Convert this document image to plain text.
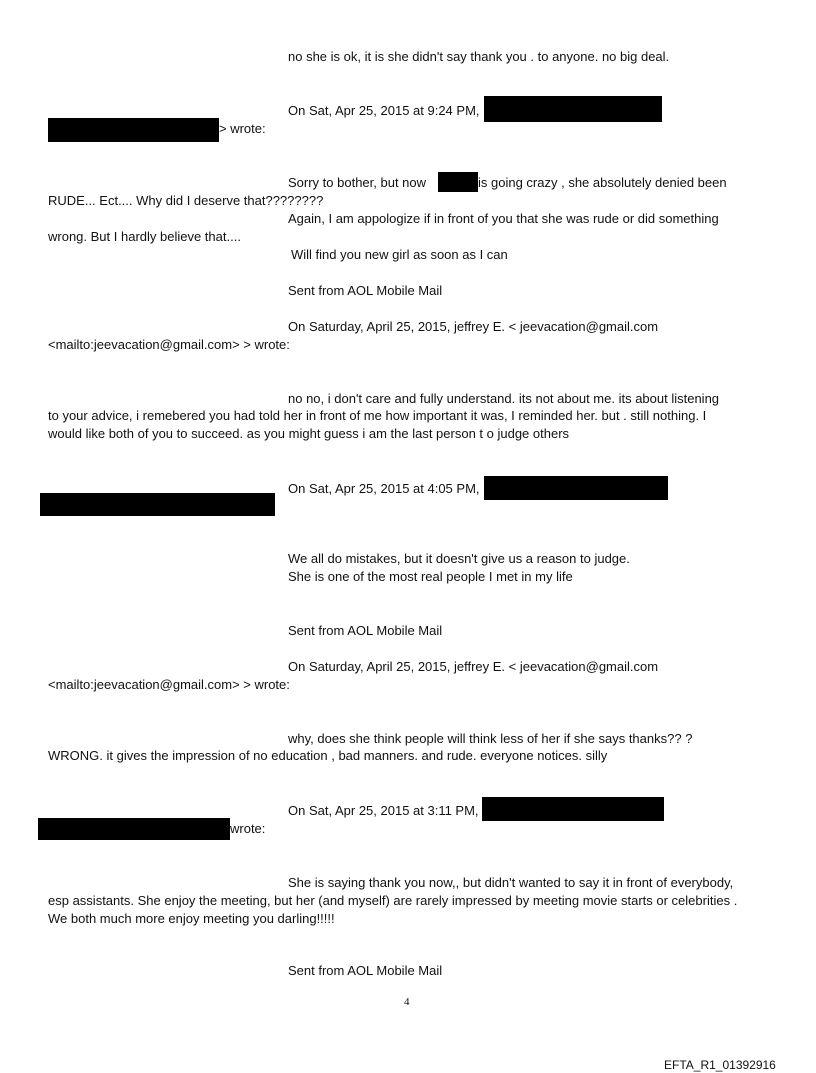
no she is ok, it is she didn't say thank you . to anyone. no big deal.
On Sat, Apr 25, 2015 at 9:24 PM,
> wrote:
Sorry to bother, but now	is going crazy , she absolutely denied been
RUDE... Ect.... Why did I deserve that????????
Again, I am appologize if in front of you that she was rude or did something
wrong. But I hardly believe that....
Will find you new girl as soon as I can
Sent from AOL Mobile Mail
On Saturday, April 25, 2015, jeffrey E. < jeevacation@gmail.com
<mailto:jeevacation@gmail.com> > wrote:
no no, i don't care and fully understand. its not about me. its about listening
to your advice, i remebered you had told her in front of me how important it was, I reminded her. but . still nothing. I
would like both of you to succeed. as you might guess i am the last person t o judge others
On Sat, Apr 25, 2015 at 4:05 PM,
We all do mistakes, but it doesn't give us a reason to judge.
She is one of the most real people I met in my life
Sent from AOL Mobile Mail
On Saturday, April 25, 2015, jeffrey E. < jeevacation@gmail.com
<mailto:jeevacation@gmail.com> > wrote:
why, does she think people will think less of her if she says thanks?? ?
WRONG. it gives the impression of no education , bad manners. and rude. everyone notices. silly
On Sat, Apr 25, 2015 at 3:11 PM,
wrote:
She is saying thank you now,, but didn't wanted to say it in front of everybody,
esp assistants. She enjoy the meeting, but her (and myself) are rarely impressed by meeting movie starts or celebrities .
We both much more enjoy meeting you darling!!!!!
Sent from AOL Mobile Mail
4
EFTA_R1_01392916
